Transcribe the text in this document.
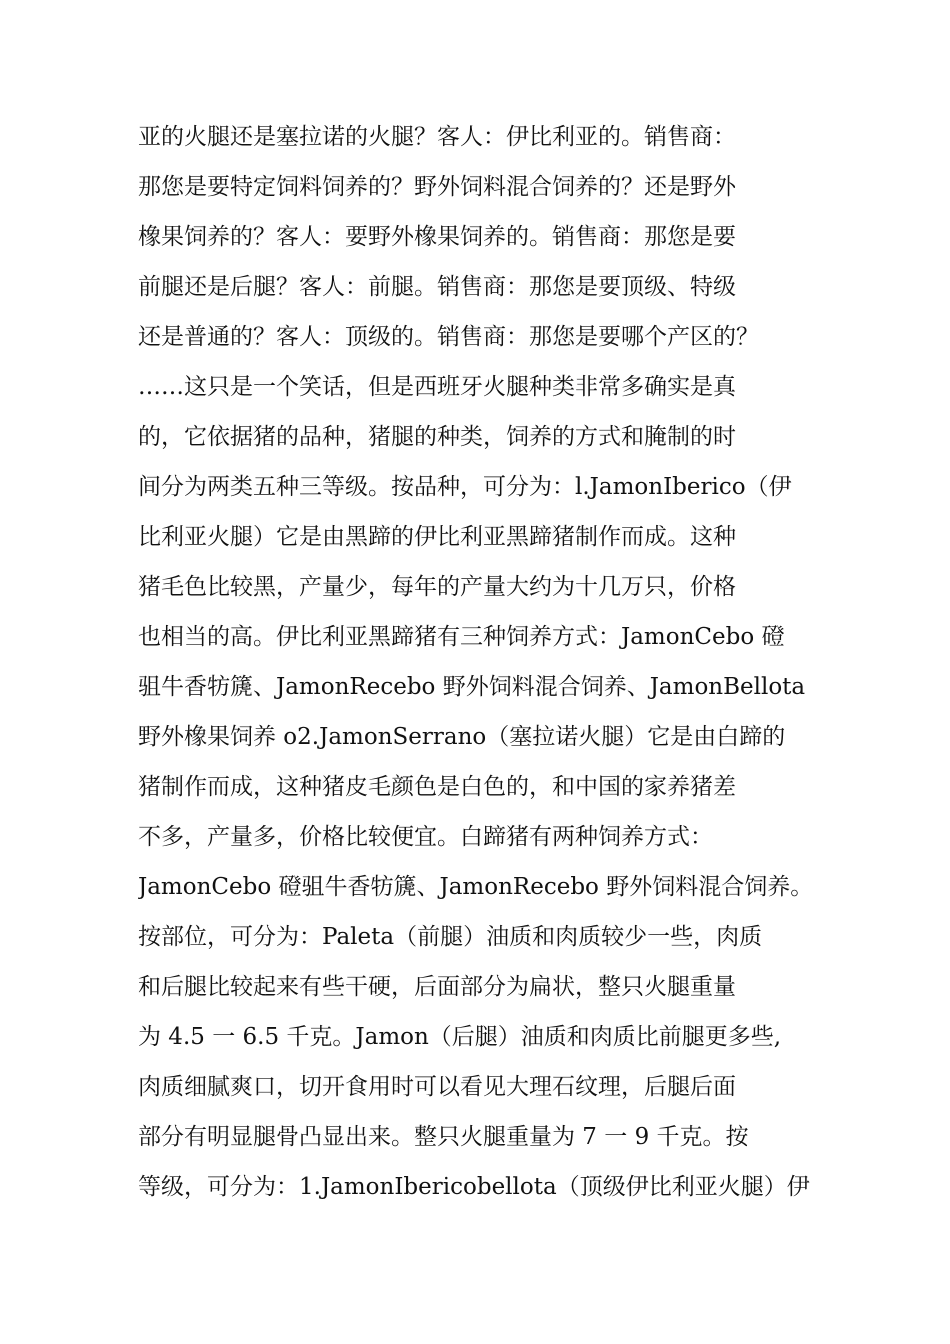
亚的火腿还是塞拉诺的火腿？客人：伊比利亚的。销售商：
那您是要特定饲料饲养的？野外饲料混合饲养的？还是野外
橡果饲养的？客人：要野外橡果饲养的。销售商：那您是要
前腿还是后腿？客人：前腿。销售商：那您是要顶级、特级
还是普通的？客人：顶级的。销售商：那您是要哪个产区的？
……这只是一个笑话，但是西班牙火腿种类非常多确实是真
的，它依据猪的品种，猪腿的种类，饲养的方式和腌制的时
间分为两类五种三等级。按品种，可分为：l.JamonIberico（伊
比利亚火腿）它是由黑蹄的伊比利亚黑蹄猪制作而成。这种
猪毛色比较黑，产量少，每年的产量大约为十几万只，价格
也相当的高。伊比利亚黑蹄猪有三种饲养方式：JamonCebo 磴
驵牛香牥篪、JamonRecebo 野外饲料混合饲养、JamonBellota
野外橡果饲养 o2.JamonSerrano（塞拉诺火腿）它是由白蹄的
猪制作而成，这种猪皮毛颜色是白色的，和中国的家养猪差
不多，产量多，价格比较便宜。白蹄猪有两种饲养方式：
JamonCebo 磴驵牛香牥篪、JamonRecebo 野外饲料混合饲养。
按部位，可分为：Paleta（前腿）油质和肉质较少一些，肉质
和后腿比较起来有些干硬，后面部分为扁状，整只火腿重量
为 4.5 一 6.5 千克。Jamon（后腿）油质和肉质比前腿更多些,
肉质细腻爽口，切开食用时可以看见大理石纹理，后腿后面
部分有明显腿骨凸显出来。整只火腿重量为 7 一 9 千克。按
等级，可分为：1.JamonIbericobellota（顶级伊比利亚火腿）伊
